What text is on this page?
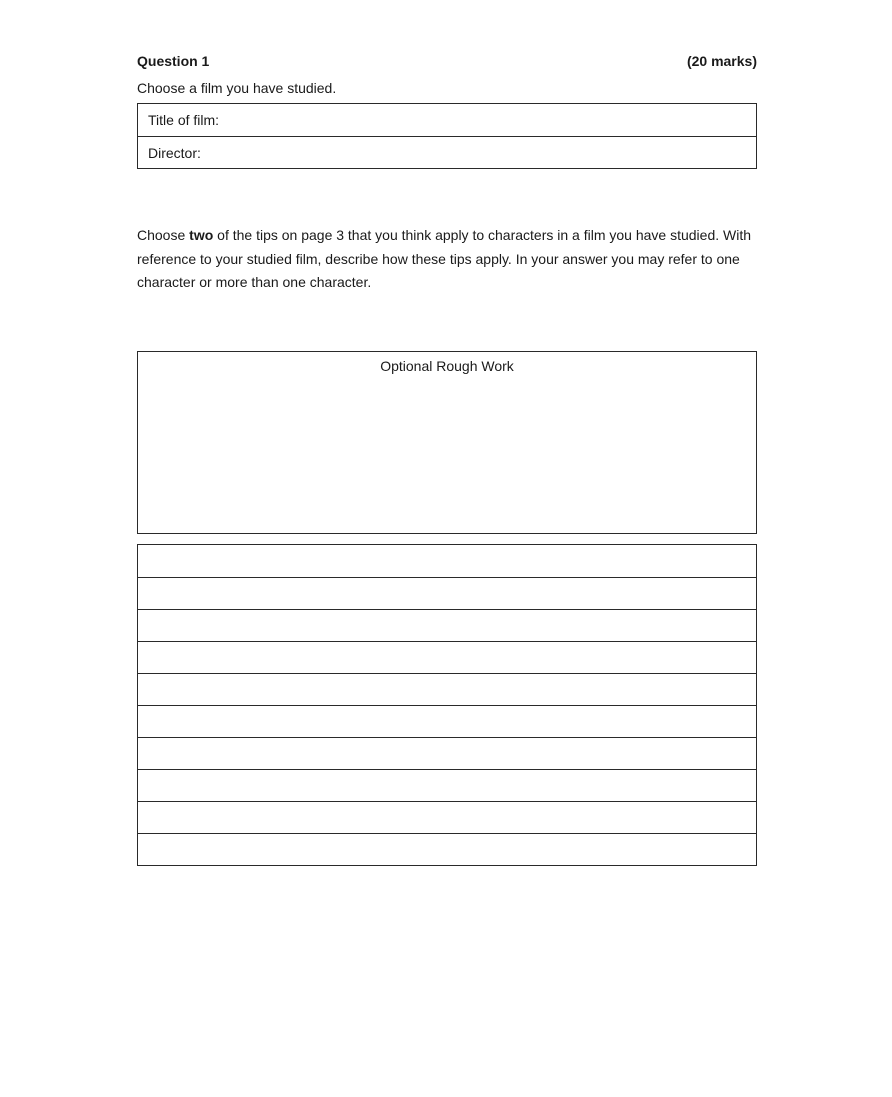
Question 1	(20 marks)
Choose a film you have studied.
Title of film:
Director:
Choose two of the tips on page 3 that you think apply to characters in a film you have studied. With reference to your studied film, describe how these tips apply. In your answer you may refer to one character or more than one character.
Optional Rough Work
